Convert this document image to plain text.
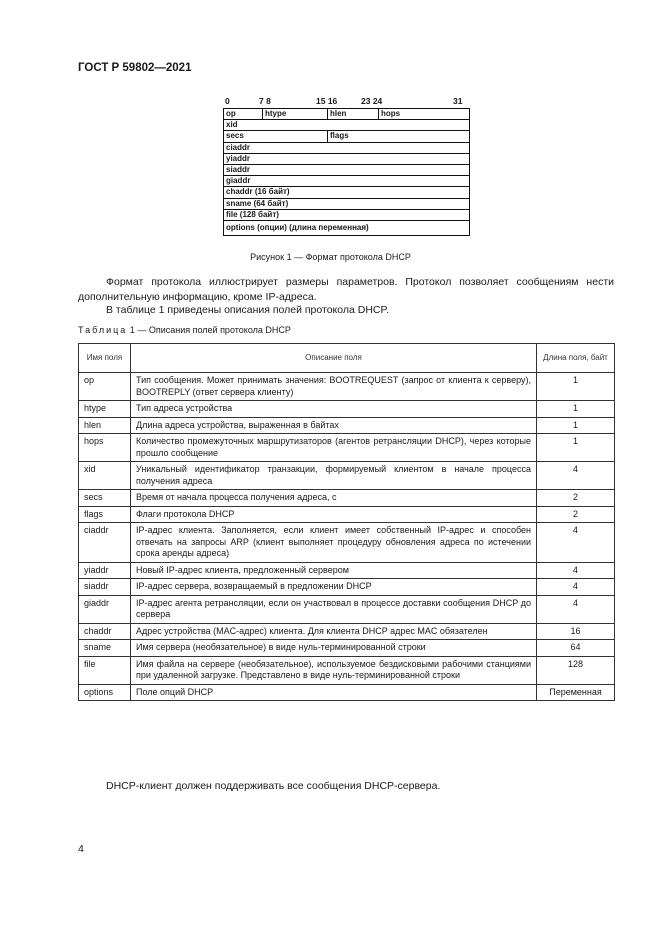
ГОСТ Р 59802—2021
0	7 8	15 16	23 24	31
op	htype	hlen	hops
xid
secs	flags
ciaddr
yiaddr
siaddr
giaddr
chaddr (16 байт)
sname (64 байт)
file (128 байт)
options (опции) (длина переменная)
Рисунок 1 — Формат протокола DHCP
Формат протокола иллюстрирует размеры параметров. Протокол позволяет сообщениям нести дополнительную информацию, кроме IP-адреса.
В таблице 1 приведены описания полей протокола DHCP.
Таблица 1 — Описания полей протокола DHCP
Имя поля	Описание поля	Длина поля, байт
op	Тип сообщения. Может принимать значения: BOOTREQUEST (запрос от клиента к серверу), BOOTREPLY (ответ сервера клиенту)	1
htype	Тип адреса устройства	1
hlen	Длина адреса устройства, выраженная в байтах	1
hops	Количество промежуточных маршрутизаторов (агентов ретрансляции DHCP), через которые прошло сообщение	1
xid	Уникальный идентификатор транзакции, формируемый клиентом в начале процесса получения адреса	4
secs	Время от начала процесса получения адреса, с	2
flags	Флаги протокола DHCP	2
ciaddr	IP-адрес клиента. Заполняется, если клиент имеет собственный IP-адрес и способен отвечать на запросы ARP (клиент выполняет процедуру обновления адреса по истечении срока аренды адреса)	4
yiaddr	Новый IP-адрес клиента, предложенный сервером	4
siaddr	IP-адрес сервера, возвращаемый в предложении DHCP	4
giaddr	IP-адрес агента ретрансляции, если он участвовал в процессе доставки сообщения DHCP до сервера	4
chaddr	Адрес устройства (MAC-адрес) клиента. Для клиента DHCP адрес MAC обязателен	16
sname	Имя сервера (необязательное) в виде нуль-терминированной строки	64
file	Имя файла на сервере (необязательное), используемое бездисковыми рабочими станциями при удаленной загрузке. Представлено в виде нуль-терминированной строки	128
options	Поле опций DHCP	Переменная
DHCP-клиент должен поддерживать все сообщения DHCP-сервера.
4
